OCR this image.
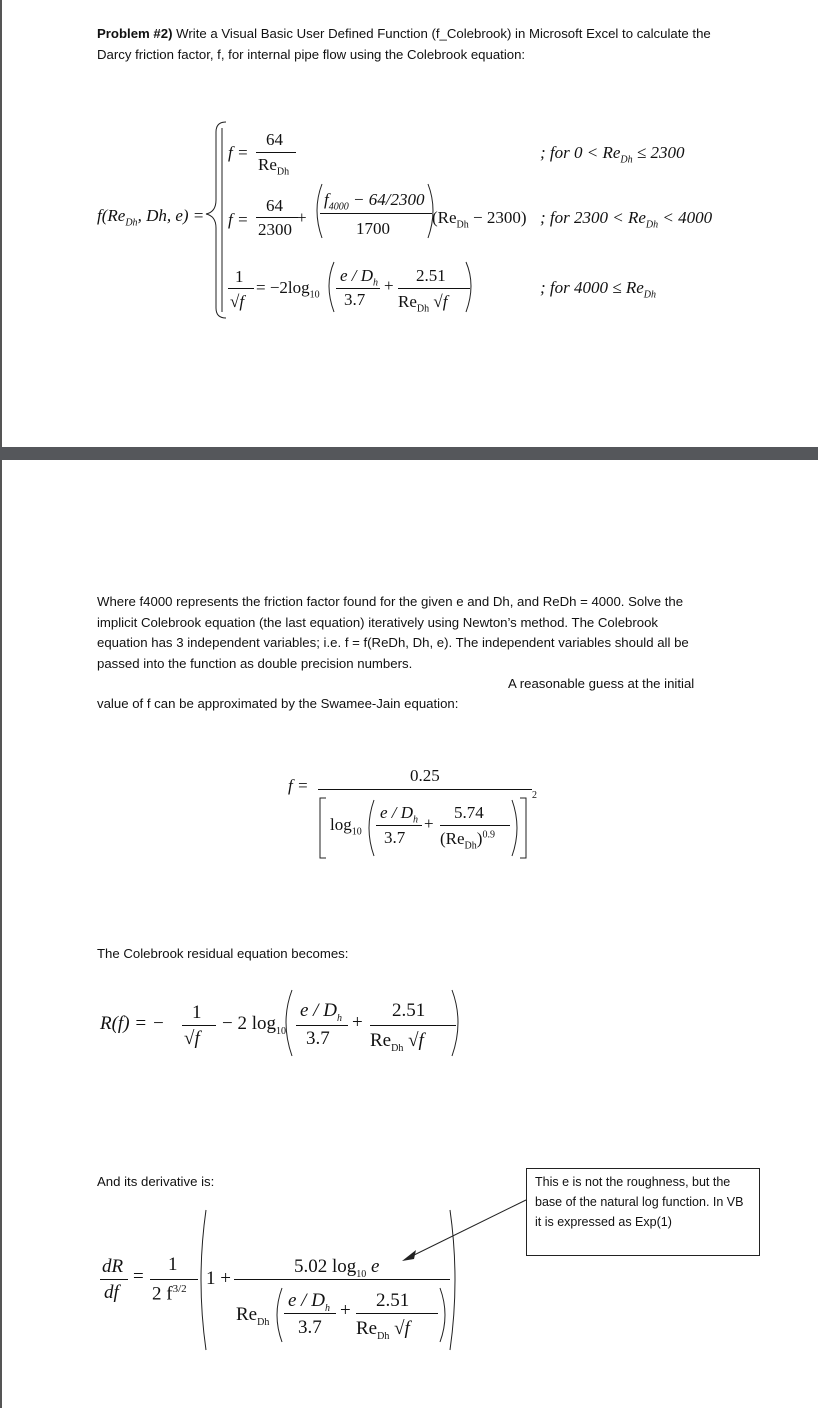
Problem #2) Write a Visual Basic User Defined Function (f_Colebrook) in Microsoft Excel to calculate the Darcy friction factor, f, for internal pipe flow using the Colebrook equation:
$f(Re_{Dh}$, Dh, e) =
f =
64
$Re_{Dh}$
; for $0 < Re_{Dh} \le 2300$
f =
64
2300
+
$f_{4000} - 64/2300$
1700
$(Re_{Dh} - 2300)$ ; for $2300 < Re_{Dh} < 4000$
1
√f
= $-2\log_{10}$
e / $D_h$
3.7
+
2.51
$Re_{Dh}$ √f
; for $4000 \le Re_{Dh}$
Where f4000 represents the friction factor found for the given e and Dh, and ReDh = 4000. Solve the implicit Colebrook equation (the last equation) iteratively using Newton’s method. The Colebrook equation has 3 independent variables; i.e. f = f(ReDh, Dh, e). The independent variables should all be passed into the function as double precision numbers.
A reasonable guess at the initial
value of f can be approximated by the Swamee-Jain equation:
f =
0.25
$\log_{10}$
e / $D_h$
3.7
+
5.74
$(Re_{Dh})^{0.9}$
2
The Colebrook residual equation becomes:
R(f) = −
1
√f
− 2 $\log_{10}$
e / $D_h$
3.7
+
2.51
$Re_{Dh}$ √f
And its derivative is:	This e is not the roughness, but the base of the natural log function. In VB it is expressed as Exp(1)
dR
df
=
1
2 $f^{3/2}$ 1 +
5.02 $\log_{10} e$
$Re_{Dh}$
e / $D_h$
3.7
+ 2.51
$Re_{Dh}$ √f
